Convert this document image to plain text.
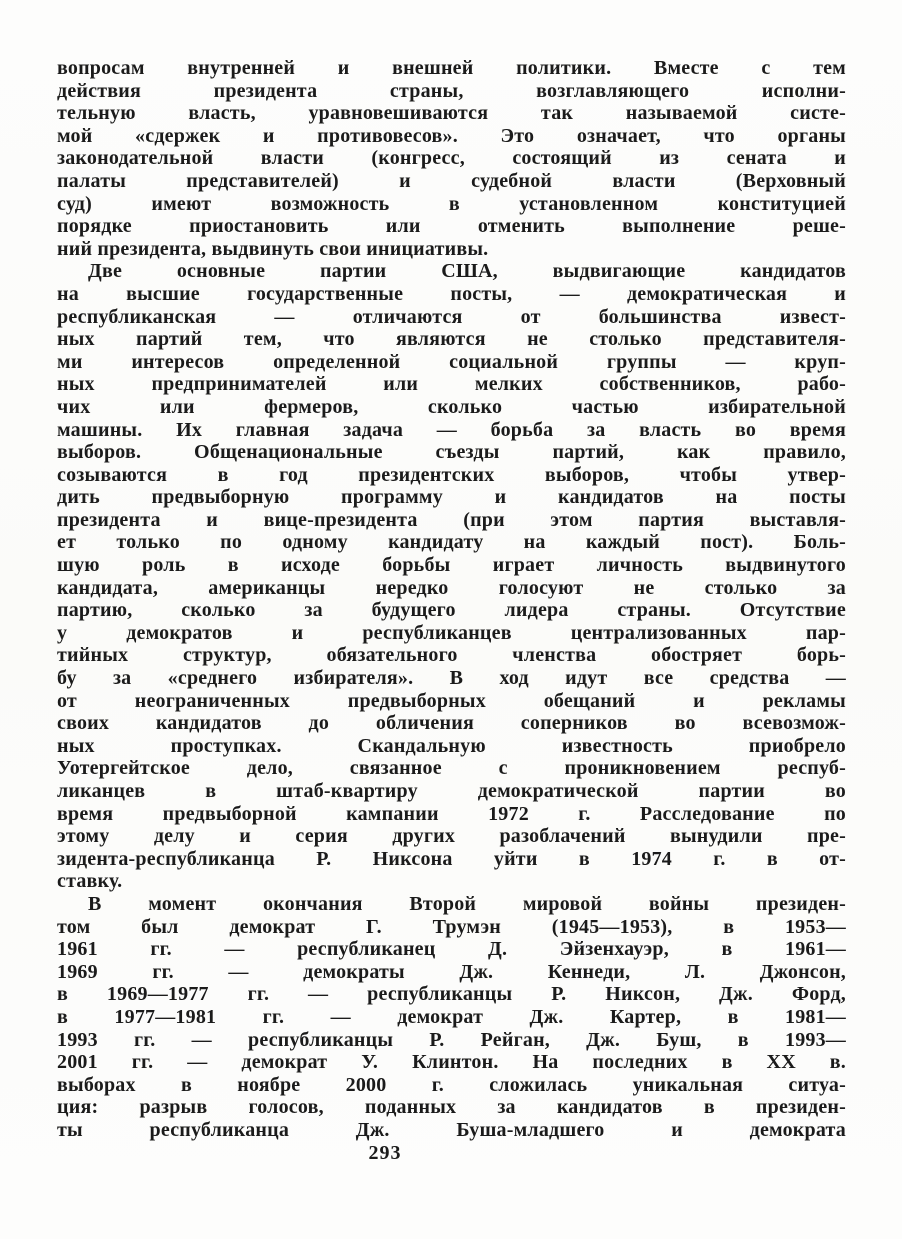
вопросам внутренней и внешней политики. Вместе с тем
действия президента страны, возглавляющего исполни-
тельную власть, уравновешиваются так называемой систе-
мой «сдержек и противовесов». Это означает, что органы
законодательной власти (конгресс, состоящий из сената и
палаты представителей) и судебной власти (Верховный
суд) имеют возможность в установленном конституцией
порядке приостановить или отменить выполнение реше-
ний президента, выдвинуть свои инициативы.
Две основные партии США, выдвигающие кандидатов
на высшие государственные посты, — демократическая и
республиканская — отличаются от большинства извест-
ных партий тем, что являются не столько представителя-
ми интересов определенной социальной группы — круп-
ных предпринимателей или мелких собственников, рабо-
чих или фермеров, сколько частью избирательной
машины. Их главная задача — борьба за власть во время
выборов. Общенациональные съезды партий, как правило,
созываются в год президентских выборов, чтобы утвер-
дить предвыборную программу и кандидатов на посты
президента и вице-президента (при этом партия выставля-
ет только по одному кандидату на каждый пост). Боль-
шую роль в исходе борьбы играет личность выдвинутого
кандидата, американцы нередко голосуют не столько за
партию, сколько за будущего лидера страны. Отсутствие
у демократов и республиканцев централизованных пар-
тийных структур, обязательного членства обостряет борь-
бу за «среднего избирателя». В ход идут все средства —
от неограниченных предвыборных обещаний и рекламы
своих кандидатов до обличения соперников во всевозмож-
ных проступках. Скандальную известность приобрело
Уотергейтское дело, связанное с проникновением респуб-
ликанцев в штаб-квартиру демократической партии во
время предвыборной кампании 1972 г. Расследование по
этому делу и серия других разоблачений вынудили пре-
зидента-республиканца Р. Никсона уйти в 1974 г. в от-
ставку.
В момент окончания Второй мировой войны президен-
том был демократ Г. Трумэн (1945—1953), в 1953—
1961 гг. — республиканец Д. Эйзенхауэр, в 1961—
1969 гг. — демократы Дж. Кеннеди, Л. Джонсон,
в 1969—1977 гг. — республиканцы Р. Никсон, Дж. Форд,
в 1977—1981 гг. — демократ Дж. Картер, в 1981—
1993 гг. — республиканцы Р. Рейган, Дж. Буш, в 1993—
2001 гг. — демократ У. Клинтон. На последних в XX в.
выборах в ноябре 2000 г. сложилась уникальная ситуа-
ция: разрыв голосов, поданных за кандидатов в президен-
ты республиканца Дж. Буша-младшего и демократа
293
